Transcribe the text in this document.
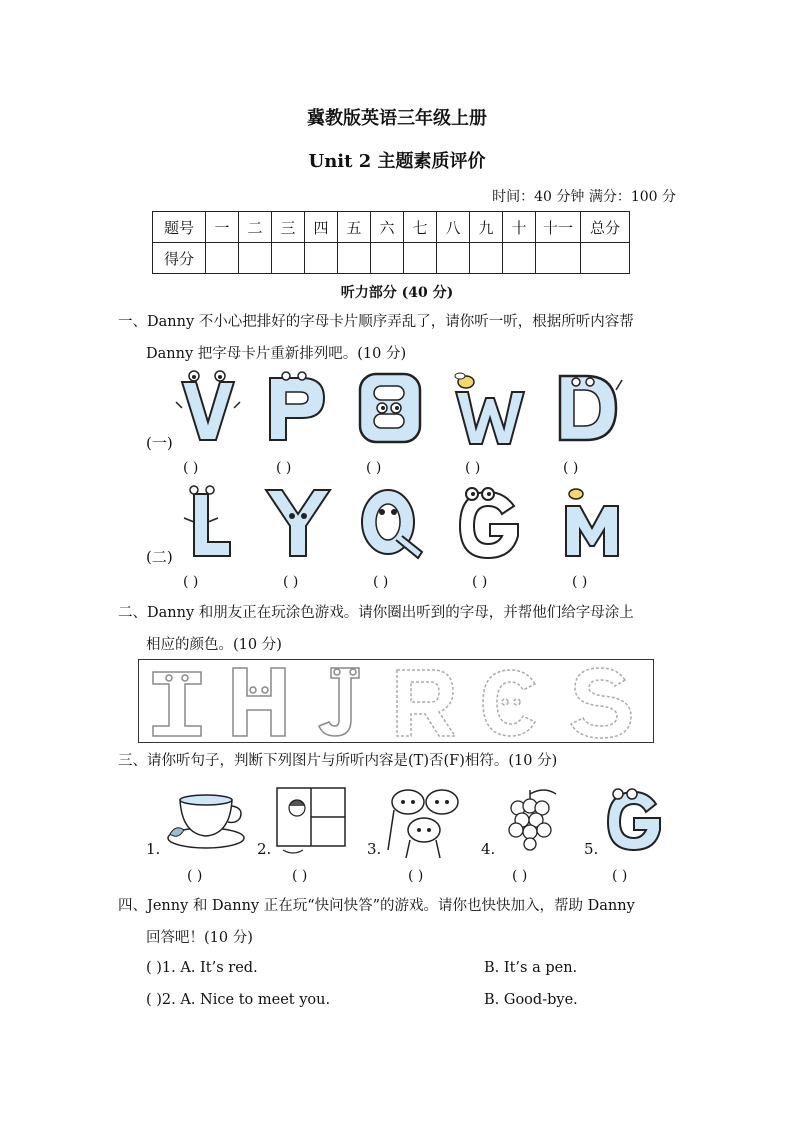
冀教版英语三年级上册
Unit 2 主题素质评价
时间：40 分钟 满分：100 分
题号	一	二	三	四	五	六	七	八	九	十	十一	总分
得分												
听力部分 (40 分)
一、Danny 不小心把排好的字母卡片顺序弄乱了，请你听一听，根据所听内容帮
Danny 把字母卡片重新排列吧。(10 分)
(一)
(二)
( )	( )	( )	( )	( )
( )	( )	( )	( )	( )
二、Danny 和朋友正在玩涂色游戏。请你圈出听到的字母，并帮他们给字母涂上
相应的颜色。(10 分)
三、请你听句子，判断下列图片与所听内容是(T)否(F)相符。(10 分)
1.
( )
2.
( )
3.
( )
4.
( )
5.
( )
四、Jenny 和 Danny 正在玩“快问快答”的游戏。请你也快快加入，帮助 Danny
回答吧！(10 分)
( )1. A. It’s red.	B. It’s a pen.
( )2. A. Nice to meet you.	B. Good-bye.
